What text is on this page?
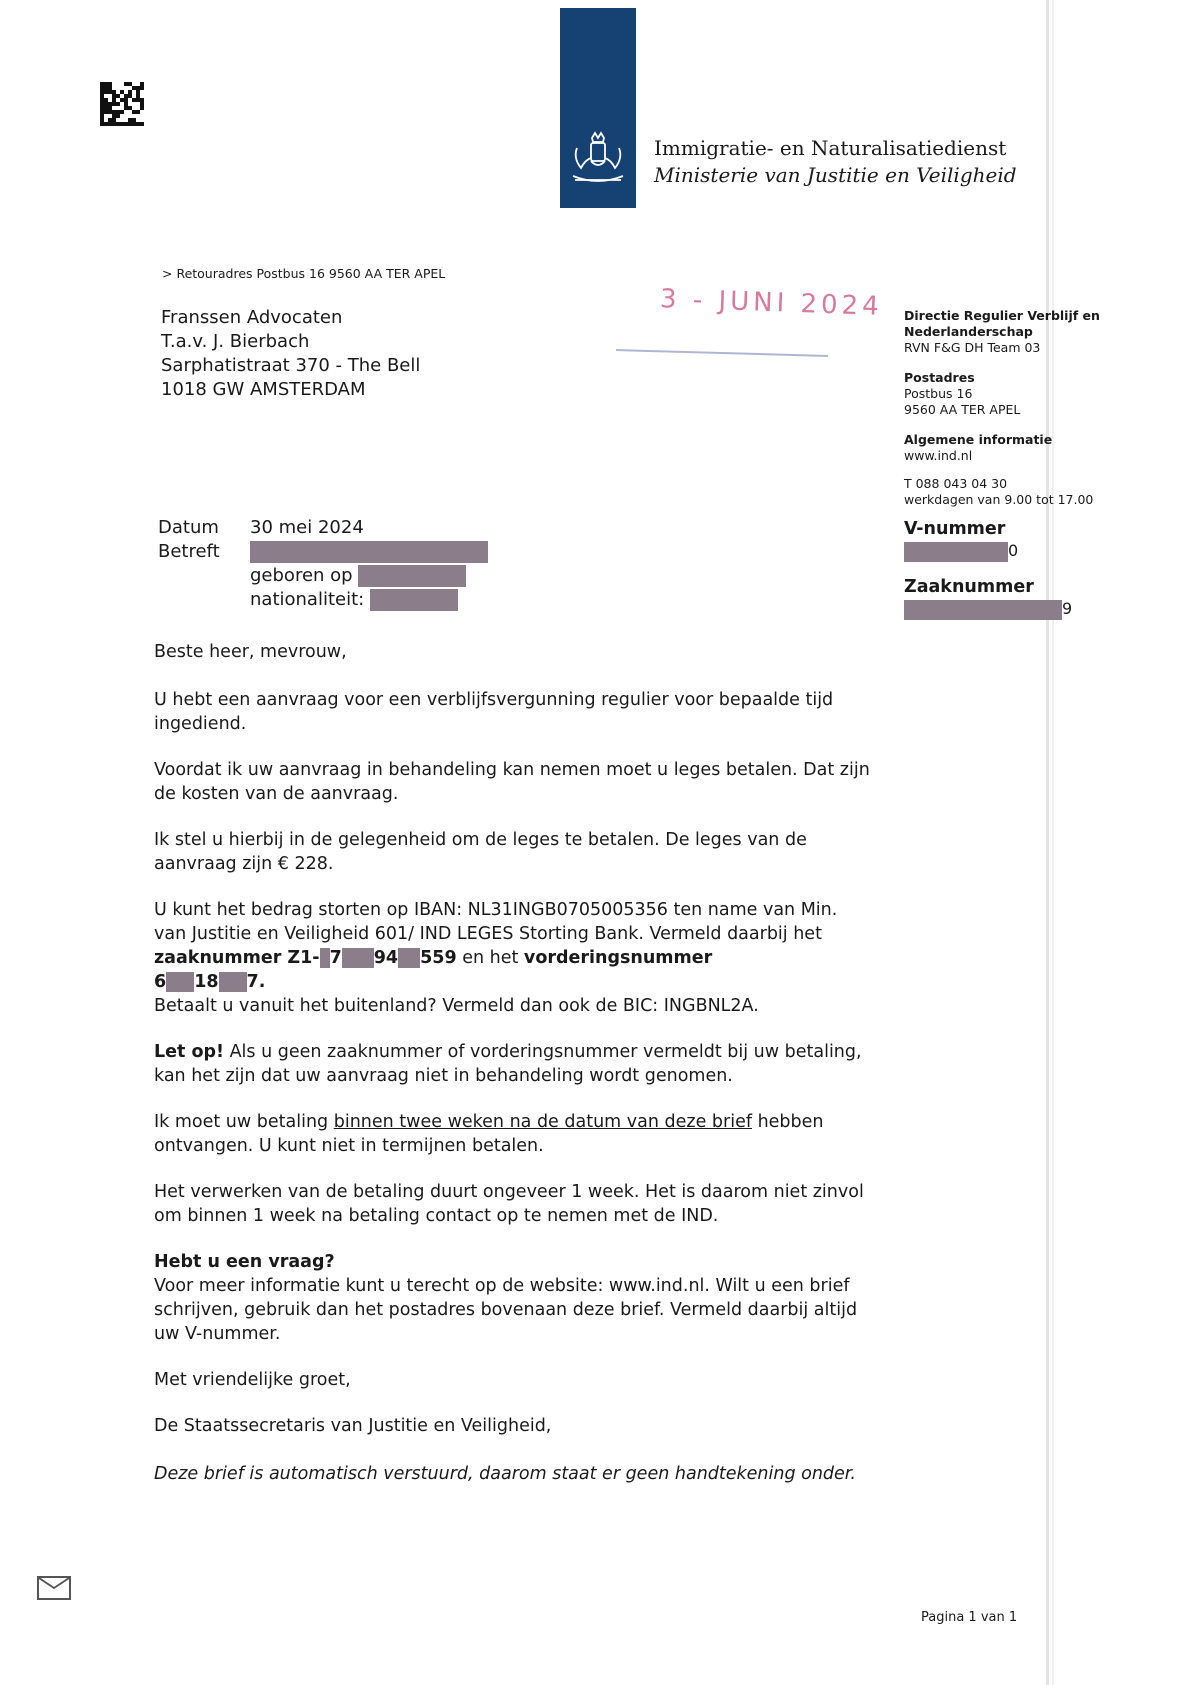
Immigratie- en Naturalisatiedienst
Ministerie van Justitie en Veiligheid
> Retouradres Postbus 16 9560 AA TER APEL
3 - JUNI 2024
Franssen Advocaten
T.a.v. J. Bierbach
Sarphatistraat 370 - The Bell
1018 GW AMSTERDAM
Directie Regulier Verblijf en
Nederlanderschap
RVN F&G DH Team 03
Postadres
Postbus 16
9560 AA TER APEL
Algemene informatie
www.ind.nl
T 088 043 04 30
werkdagen van 9.00 tot 17.00
V-nummer
0
Zaaknummer
9
Datum	30 mei 2024
Betreft	
	geboren op
	nationaliteit:

Beste heer, mevrouw,

U hebt een aanvraag voor een verblijfsvergunning regulier voor bepaalde tijd ingediend.

Voordat ik uw aanvraag in behandeling kan nemen moet u leges betalen. Dat zijn de kosten van de aanvraag.

Ik stel u hierbij in de gelegenheid om de leges te betalen. De leges van de aanvraag zijn € 228.

U kunt het bedrag storten op IBAN: NL31INGB0705005356 ten name van Min. van Justitie en Veiligheid 601/ IND LEGES Storting Bank. Vermeld daarbij het zaaknummer Z1- 7 94 559 en het vorderingsnummer
6 18 7.
Betaalt u vanuit het buitenland? Vermeld dan ook de BIC: INGBNL2A.

Let op! Als u geen zaaknummer of vorderingsnummer vermeldt bij uw betaling, kan het zijn dat uw aanvraag niet in behandeling wordt genomen.

Ik moet uw betaling binnen twee weken na de datum van deze brief hebben ontvangen. U kunt niet in termijnen betalen.

Het verwerken van de betaling duurt ongeveer 1 week. Het is daarom niet zinvol om binnen 1 week na betaling contact op te nemen met de IND.

Hebt u een vraag?
Voor meer informatie kunt u terecht op de website: www.ind.nl. Wilt u een brief schrijven, gebruik dan het postadres bovenaan deze brief. Vermeld daarbij altijd uw V-nummer.

Met vriendelijke groet,

De Staatssecretaris van Justitie en Veiligheid,

Deze brief is automatisch verstuurd, daarom staat er geen handtekening onder.

Pagina 1 van 1
